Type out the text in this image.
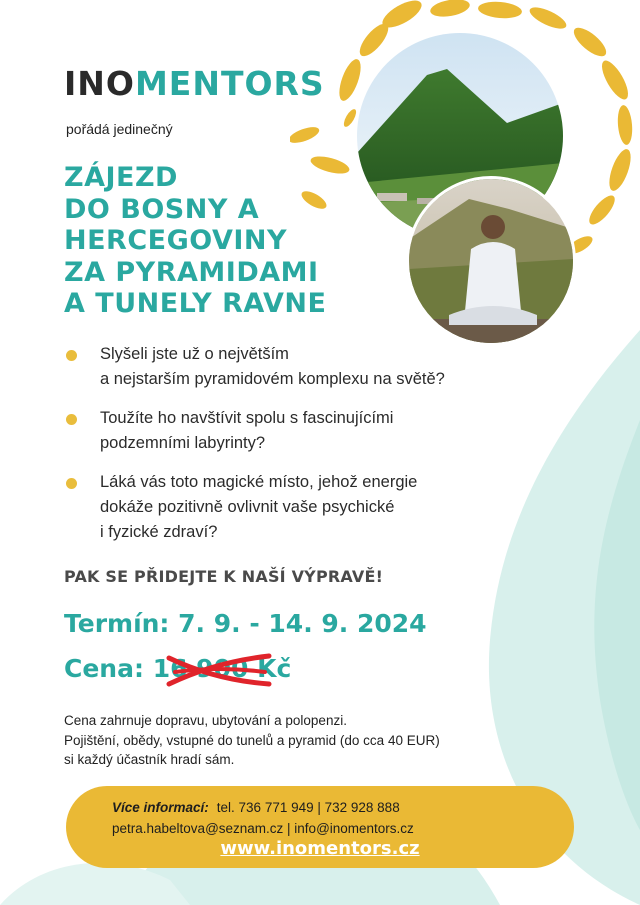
INOMENTORS
pořádá jedinečný
ZÁJEZD
DO BOSNY A
HERCEGOVINY
ZA PYRAMIDAMI
A TUNELY RAVNE
Slyšeli jste už o největším
a nejstarším pyramidovém komplexu na světě?
Toužíte ho navštívit spolu s fascinujícími
podzemními labyrinty?
Láká vás toto magické místo, jehož energie
dokáže pozitivně ovlivnit vaše psychické
i fyzické zdraví?
PAK SE PŘIDEJTE K NAŠÍ VÝPRAVĚ!
Termín: 7. 9. - 14. 9. 2024
Cena: 16 900 Kč
Cena zahrnuje dopravu, ubytování a polopenzi.
Pojištění, obědy, vstupné do tunelů a pyramid (do cca 40 EUR)
si každý účastník hradí sám.
Více informací: tel. 736 771 949 | 732 928 888
petra.habeltova@seznam.cz | info@inomentors.cz
www.inomentors.cz
